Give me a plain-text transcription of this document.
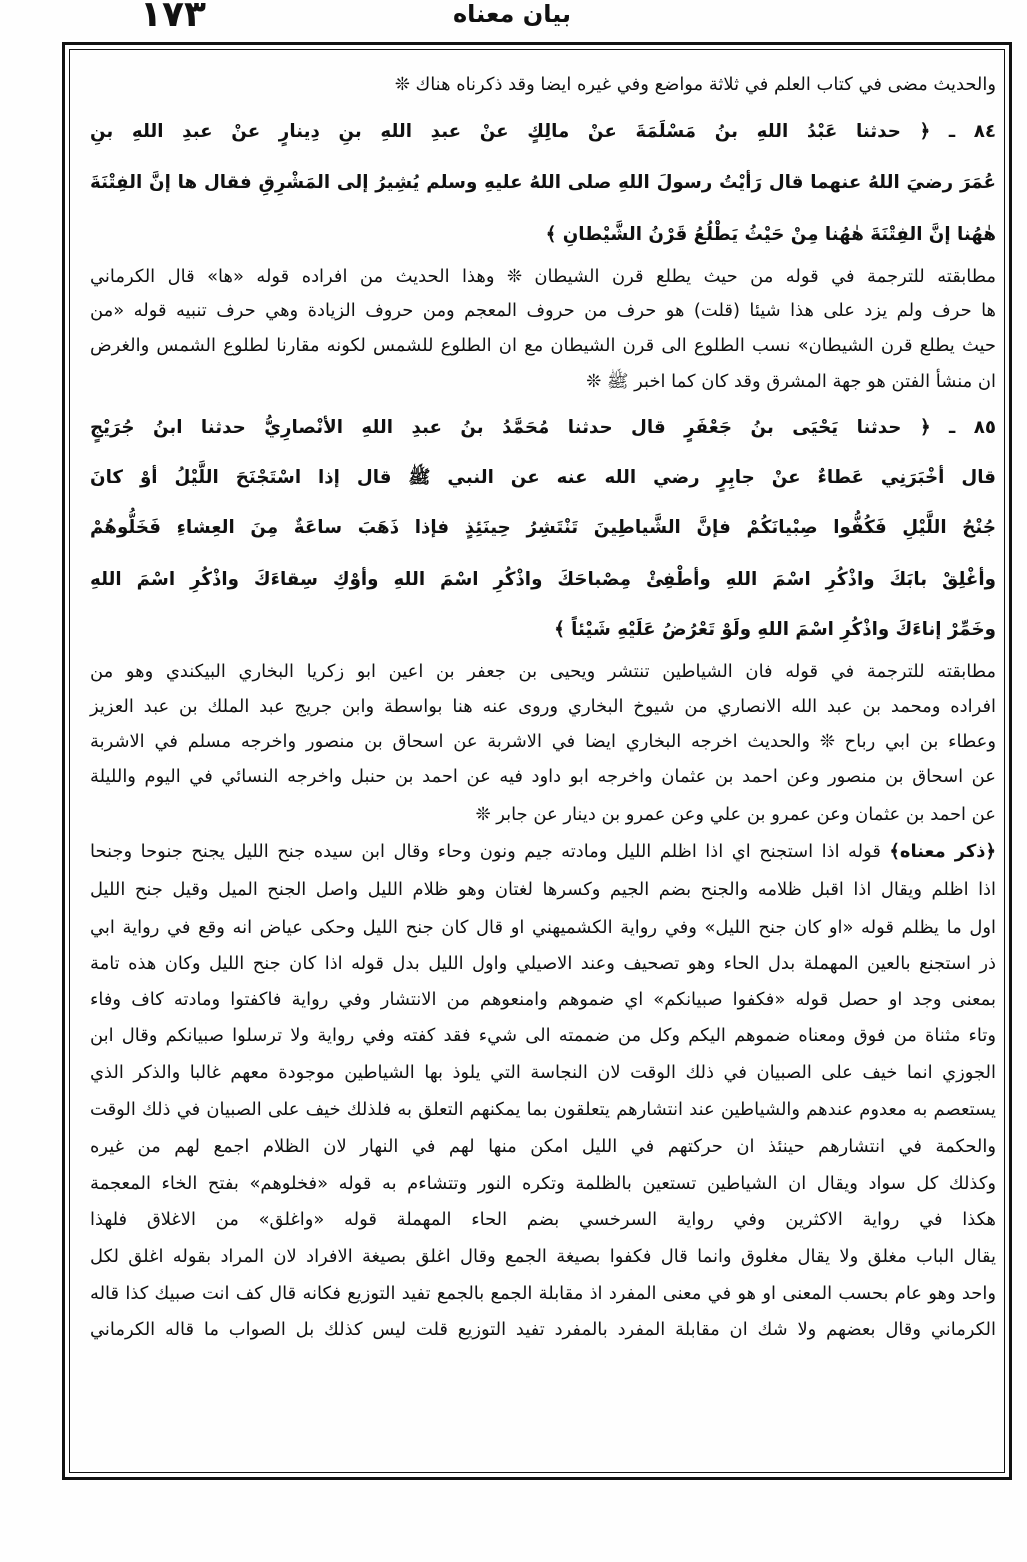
١٧٣	بيان معناه
والحديث مضى في كتاب العلم في ثلاثة مواضع وفي غيره ايضا وقد ذكرناه هناك ❊
٨٤ ـ ﴿ حدثنا عَبْدُ اللهِ بنُ مَسْلَمَةَ عنْ مالِكٍ عنْ عبدِ اللهِ بنِ دِينارٍ عنْ عبدِ اللهِ بنِ
عُمَرَ رضيَ اللهُ عنهما قال رَأيْتُ رسولَ اللهِ صلى اللهُ عليهِ وسلم يُشِيرُ إلى المَشْرِقِ فقال ها إنَّ الفِتْنَةَ
هٰهُنا إنَّ الفِتْنَةَ هٰهُنا مِنْ حَيْثُ يَطْلُعُ قَرْنُ الشَّيْطانِ ﴾
مطابقته للترجمة في قوله من حيث يطلع قرن الشيطان ❊ وهذا الحديث من افراده قوله «ها» قال الكرماني
ها حرف ولم يزد على هذا شيئا (قلت) هو حرف من حروف المعجم ومن حروف الزيادة وهي حرف تنبيه قوله «من
حيث يطلع قرن الشيطان» نسب الطلوع الى قرن الشيطان مع ان الطلوع للشمس لكونه مقارنا لطلوع الشمس والغرض
ان منشأ الفتن هو جهة المشرق وقد كان كما اخبر ﷺ ❊
٨٥ ـ ﴿ حدثنا يَحْيَى بنُ جَعْفَرٍ قال حدثنا مُحَمَّدُ بنُ عبدِ اللهِ الأنْصارِيُّ حدثنا ابنُ جُرَيْجٍ
قال أخْبَرَنِي عَطاءٌ عنْ جابِرٍ رضي الله عنه عن النبي ﷺ قال إذا اسْتَجْنَحَ اللَّيْلُ أوْ كانَ
جُنْحُ اللَّيْلِ فَكُفُّوا صِبْيانَكُمْ فإنَّ الشَّياطِينَ تَنْتَشِرُ حِينَئِذٍ فإذا ذَهَبَ ساعَةٌ مِنَ العِشاءِ فَخَلُّوهُمْ
وأغْلِقْ بابَكَ واذْكُرِ اسْمَ اللهِ وأطْفِئْ مِصْباحَكَ واذْكُرِ اسْمَ اللهِ وأوْكِ سِقاءَكَ واذْكُرِ اسْمَ اللهِ
وخَمِّرْ إناءَكَ واذْكُرِ اسْمَ اللهِ ولَوْ تَعْرُضُ عَلَيْهِ شَيْئاً ﴾
مطابقته للترجمة في قوله فان الشياطين تنتشر ويحيى بن جعفر بن اعين ابو زكريا البخاري البيكندي وهو من
افراده ومحمد بن عبد الله الانصاري من شيوخ البخاري وروى عنه هنا بواسطة وابن جريج عبد الملك بن عبد العزيز
وعطاء بن ابي رباح ❊ والحديث اخرجه البخاري ايضا في الاشربة عن اسحاق بن منصور واخرجه مسلم في الاشربة
عن اسحاق بن منصور وعن احمد بن عثمان واخرجه ابو داود فيه عن احمد بن حنبل واخرجه النسائي في اليوم والليلة
عن احمد بن عثمان وعن عمرو بن علي وعن عمرو بن دينار عن جابر ❊
﴿ذكر معناه﴾ قوله اذا استجنح اي اذا اظلم الليل ومادته جيم ونون وحاء وقال ابن سيده جنح الليل يجنح جنوحا وجنحا
اذا اظلم ويقال اذا اقبل ظلامه والجنح بضم الجيم وكسرها لغتان وهو ظلام الليل واصل الجنح الميل وقيل جنح الليل
اول ما يظلم قوله «او كان جنح الليل» وفي رواية الكشميهني او قال كان جنح الليل وحكى عياض انه وقع في رواية ابي
ذر استجنع بالعين المهملة بدل الحاء وهو تصحيف وعند الاصيلي واول الليل بدل قوله اذا كان جنح الليل وكان هذه تامة
بمعنى وجد او حصل قوله «فكفوا صبيانكم» اي ضموهم وامنعوهم من الانتشار وفي رواية فاكفتوا ومادته كاف وفاء
وتاء مثناة من فوق ومعناه ضموهم اليكم وكل من ضممته الى شيء فقد كفته وفي رواية ولا ترسلوا صبيانكم وقال ابن
الجوزي انما خيف على الصبيان في ذلك الوقت لان النجاسة التي يلوذ بها الشياطين موجودة معهم غالبا والذكر الذي
يستعصم به معدوم عندهم والشياطين عند انتشارهم يتعلقون بما يمكنهم التعلق به فلذلك خيف على الصبيان في ذلك الوقت
والحكمة في انتشارهم حينئذ ان حركتهم في الليل امكن منها لهم في النهار لان الظلام اجمع لهم من غيره
وكذلك كل سواد ويقال ان الشياطين تستعين بالظلمة وتكره النور وتتشاءم به قوله «فخلوهم» بفتح الخاء المعجمة
هكذا في رواية الاكثرين وفي رواية السرخسي بضم الحاء المهملة قوله «واغلق» من الاغلاق فلهذا
يقال الباب مغلق ولا يقال مغلوق وانما قال فكفوا بصيغة الجمع وقال اغلق بصيغة الافراد لان المراد بقوله اغلق لكل
واحد وهو عام بحسب المعنى او هو في معنى المفرد اذ مقابلة الجمع بالجمع تفيد التوزيع فكانه قال كف انت صبيك كذا قاله
الكرماني وقال بعضهم ولا شك ان مقابلة المفرد بالمفرد تفيد التوزيع قلت ليس كذلك بل الصواب ما قاله الكرماني
